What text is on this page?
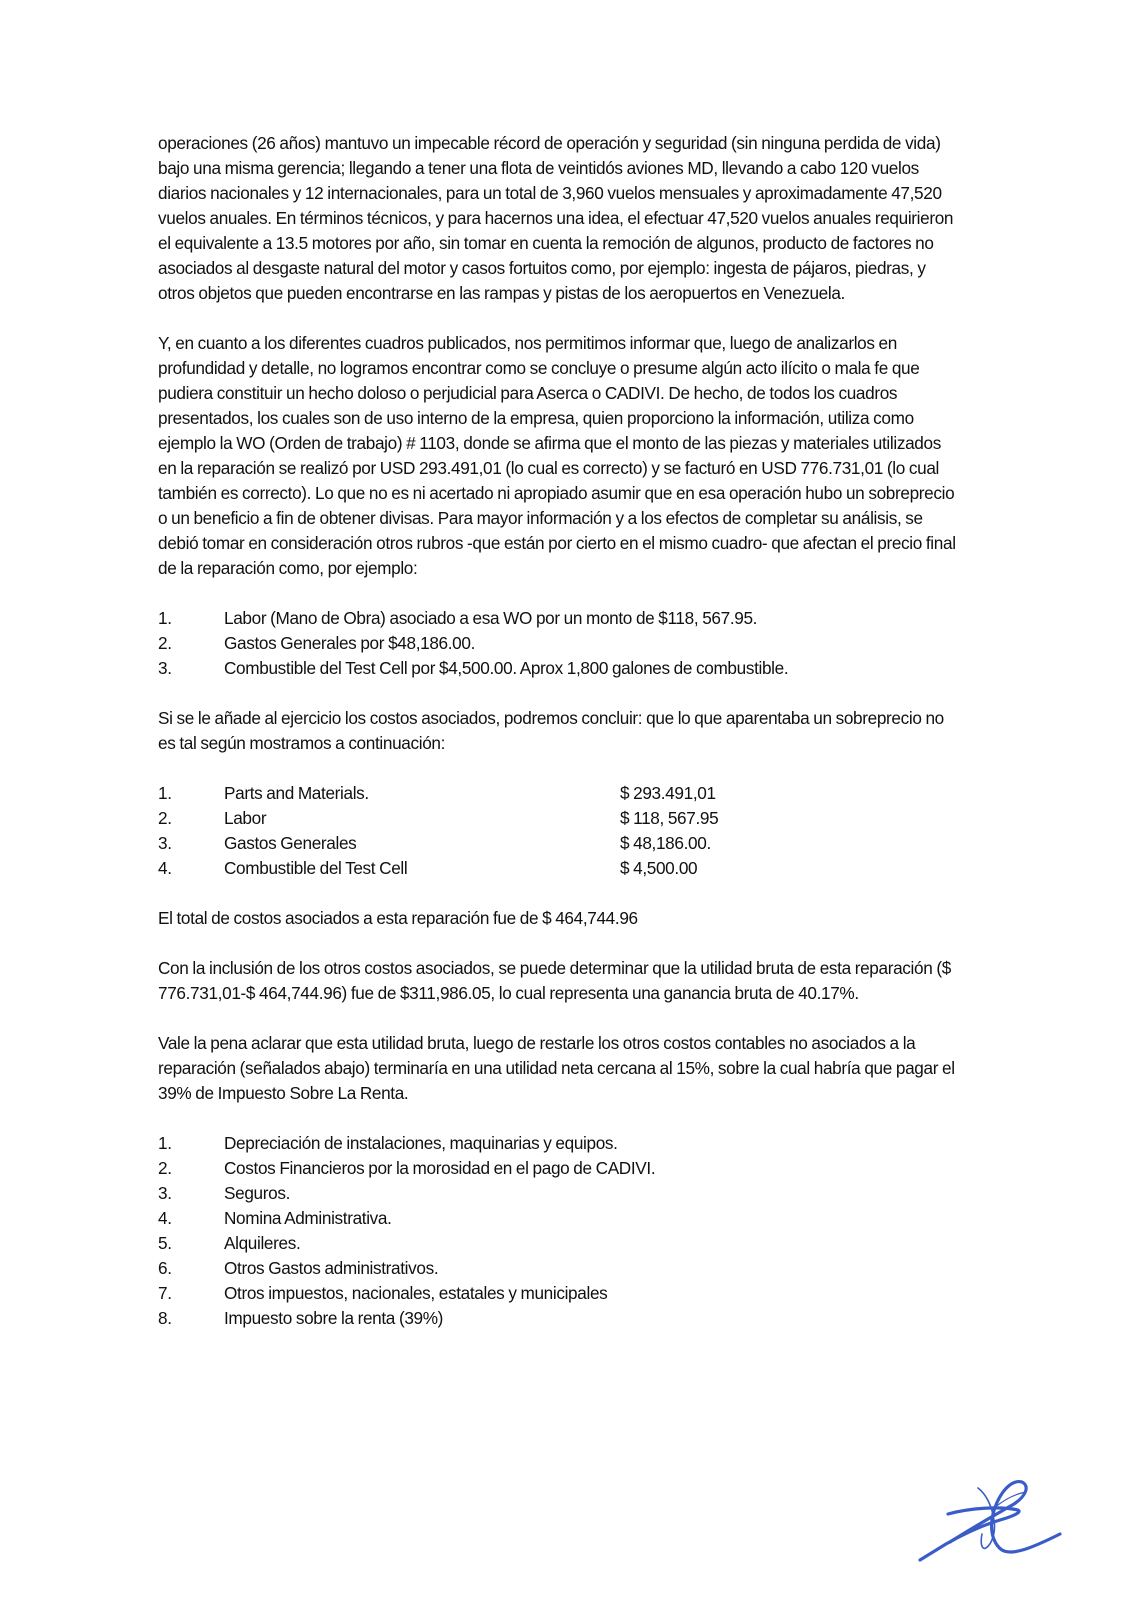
operaciones (26 años) mantuvo un impecable récord de operación y seguridad (sin ninguna perdida de vida) bajo una misma gerencia; llegando a tener una flota de veintidós aviones MD, llevando a cabo 120 vuelos diarios nacionales y 12 internacionales, para un total de 3,960 vuelos mensuales y aproximadamente 47,520 vuelos anuales. En términos técnicos, y para hacernos una idea, el efectuar 47,520 vuelos anuales requirieron el equivalente a 13.5 motores por año, sin tomar en cuenta la remoción de algunos, producto de factores no asociados al desgaste natural del motor y casos fortuitos como, por ejemplo: ingesta de pájaros, piedras, y otros objetos que pueden encontrarse en las rampas y pistas de los aeropuertos en Venezuela.

Y, en cuanto a los diferentes cuadros publicados, nos permitimos informar que, luego de analizarlos en profundidad y detalle, no logramos encontrar como se concluye o presume algún acto ilícito o mala fe que pudiera constituir un hecho doloso o perjudicial para Aserca o CADIVI. De hecho, de todos los cuadros presentados, los cuales son de uso interno de la empresa, quien proporciono la información, utiliza como ejemplo la WO (Orden de trabajo) # 1103, donde se afirma que el monto de las piezas y materiales utilizados en la reparación se realizó por USD 293.491,01 (lo cual es correcto) y se facturó en USD 776.731,01 (lo cual también es correcto). Lo que no es ni acertado ni apropiado asumir que en esa operación hubo un sobreprecio o un beneficio a fin de obtener divisas. Para mayor información y a los efectos de completar su análisis, se debió tomar en consideración otros rubros -que están por cierto en el mismo cuadro- que afectan el precio final de la reparación como, por ejemplo:

1.	Labor (Mano de Obra) asociado a esa WO por un monto de $118, 567.95.
2.	Gastos Generales por $48,186.00.
3.	Combustible del Test Cell por $4,500.00. Aprox 1,800 galones de combustible.

Si se le añade al ejercicio los costos asociados, podremos concluir: que lo que aparentaba un sobreprecio no es tal según mostramos a continuación:

1.	Parts and Materials.	$ 293.491,01
2.	Labor	$ 118, 567.95
3.	Gastos Generales	$ 48,186.00.
4.	Combustible del Test Cell	$ 4,500.00

El total de costos asociados a esta reparación fue de $ 464,744.96

Con la inclusión de los otros costos asociados, se puede determinar que la utilidad bruta de esta reparación ($ 776.731,01-$ 464,744.96) fue de $311,986.05, lo cual representa una ganancia bruta de 40.17%.

Vale la pena aclarar que esta utilidad bruta, luego de restarle los otros costos contables no asociados a la reparación (señalados abajo) terminaría en una utilidad neta cercana al 15%, sobre la cual habría que pagar el 39% de Impuesto Sobre La Renta.

1.	Depreciación de instalaciones, maquinarias y equipos.
2.	Costos Financieros por la morosidad en el pago de CADIVI.
3.	Seguros.
4.	Nomina Administrativa.
5.	Alquileres.
6.	Otros Gastos administrativos.
7.	Otros impuestos, nacionales, estatales y municipales
8.	Impuesto sobre la renta (39%)
